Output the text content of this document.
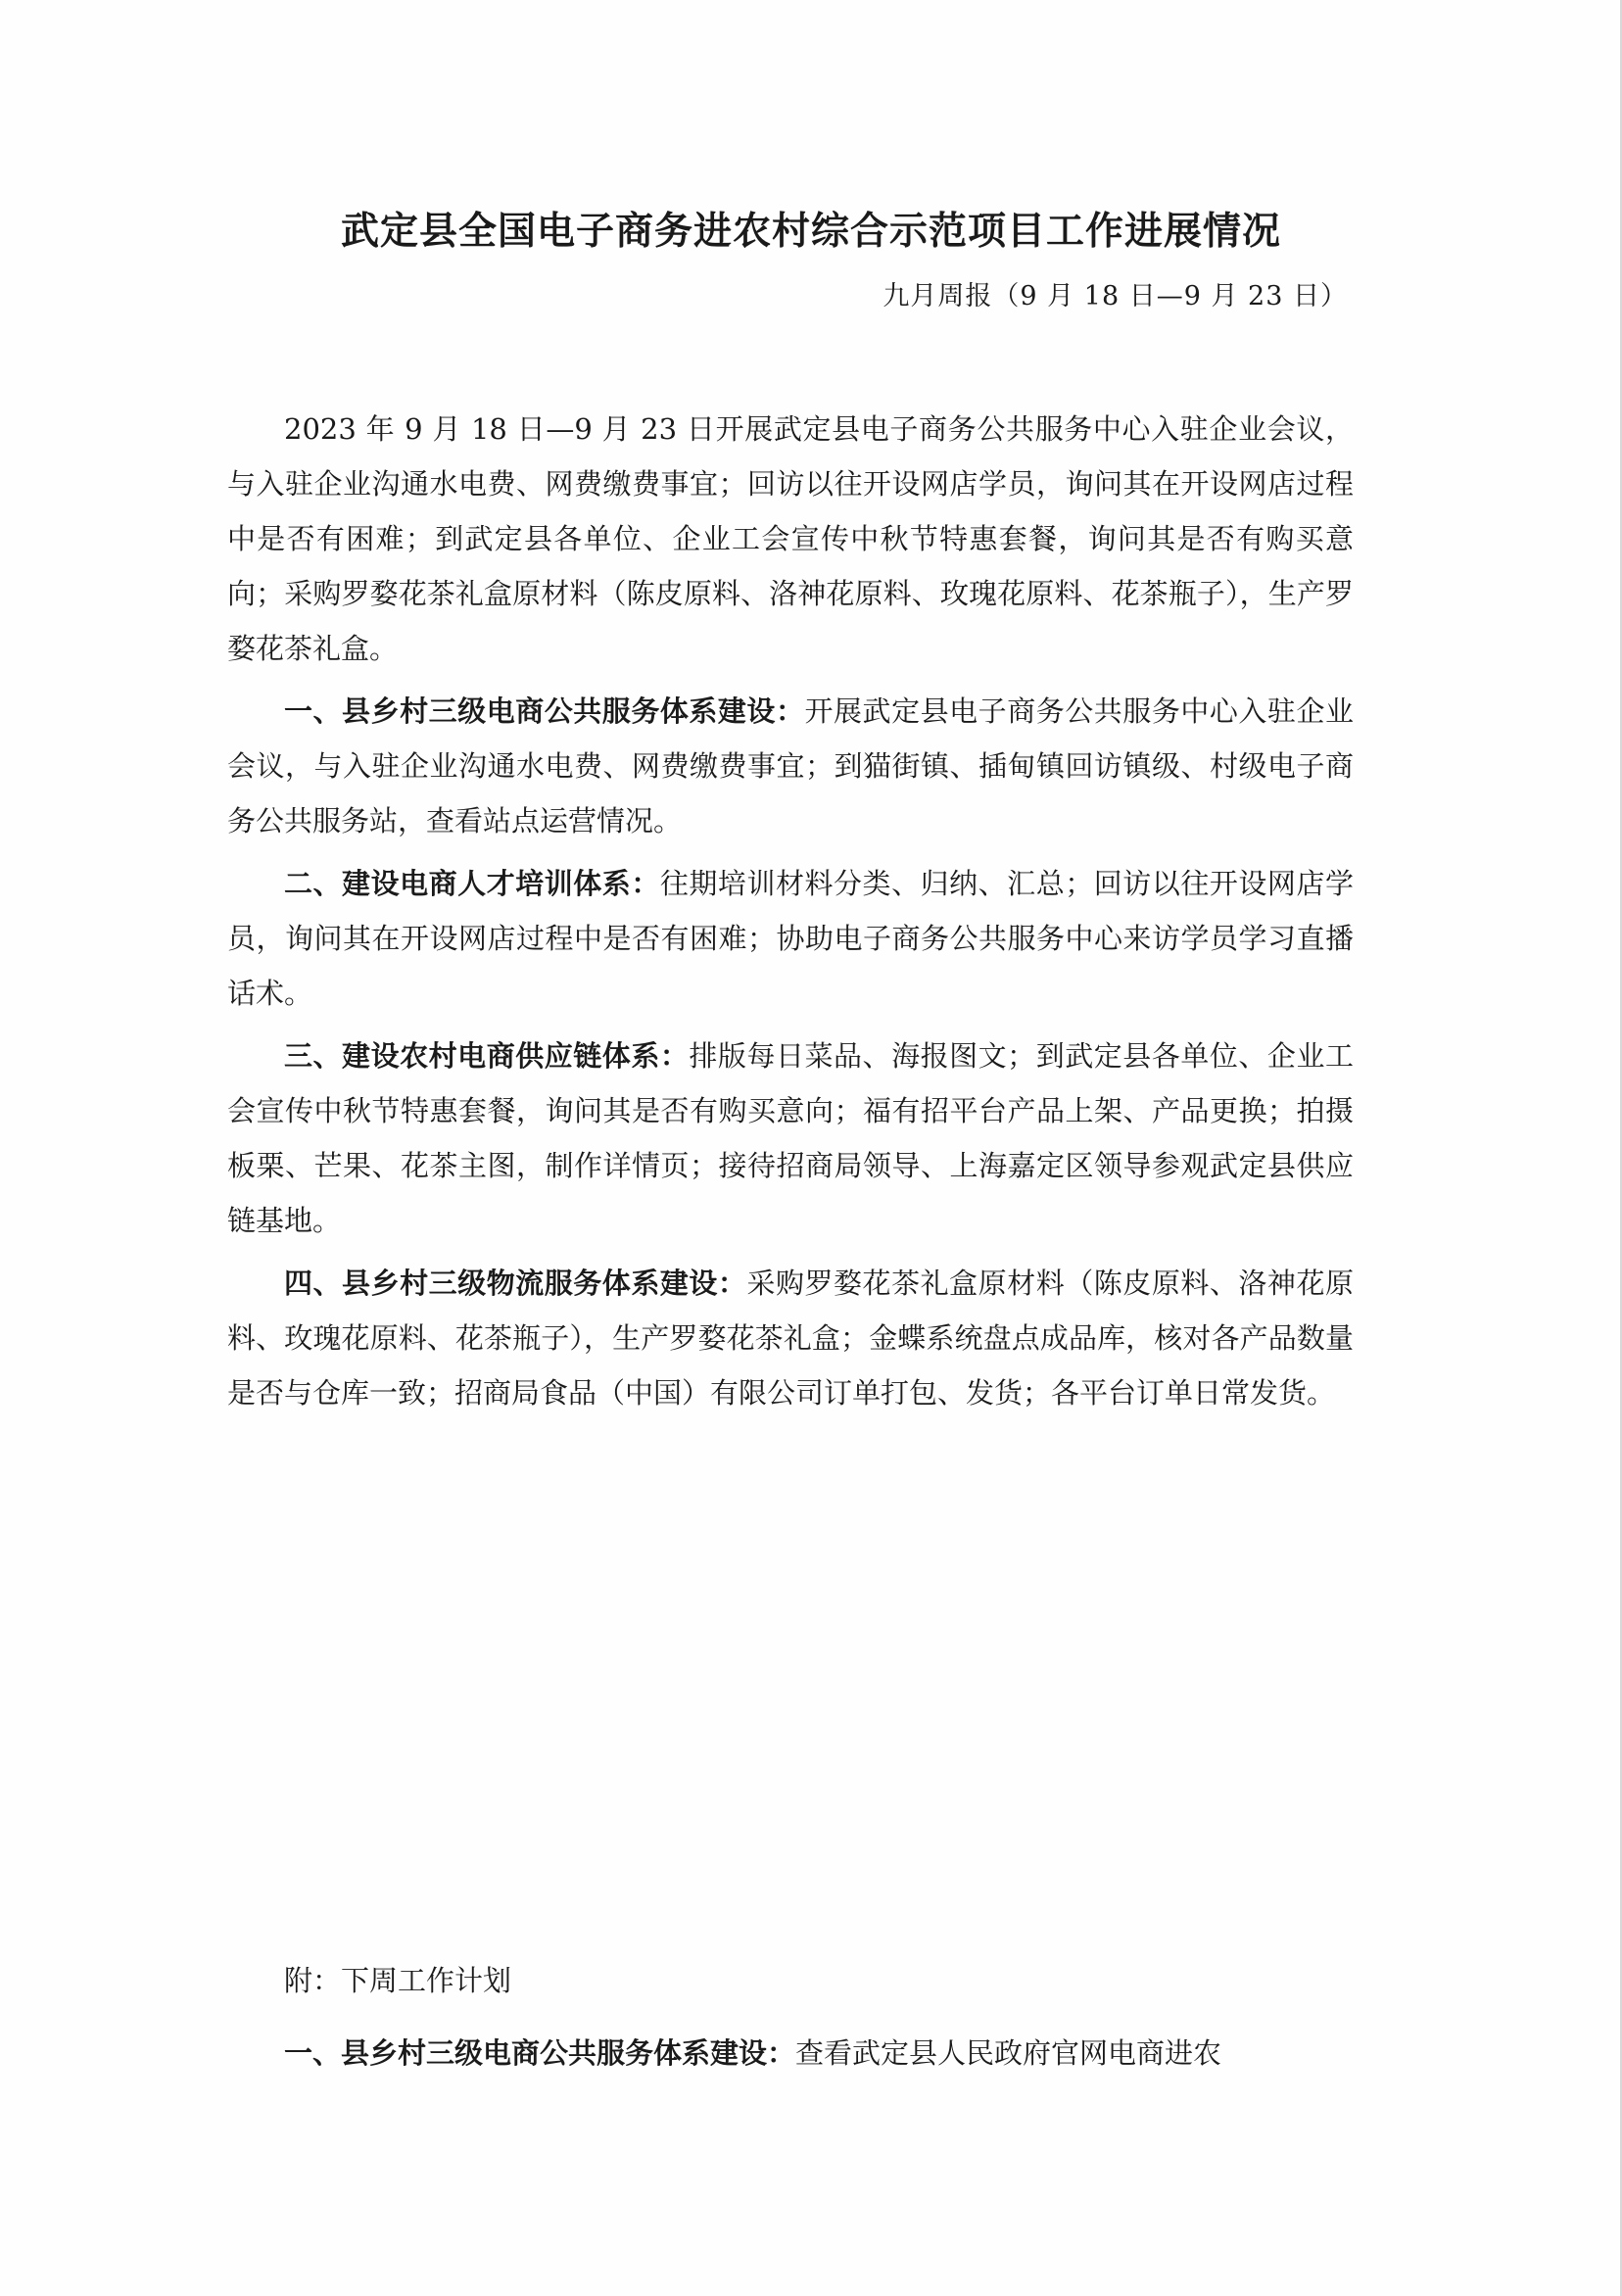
武定县全国电子商务进农村综合示范项目工作进展情况

九月周报（9 月 18 日—9 月 23 日）

2023 年 9 月 18 日—9 月 23 日开展武定县电子商务公共服务中心入驻企业会议，与入驻企业沟通水电费、网费缴费事宜；回访以往开设网店学员，询问其在开设网店过程中是否有困难；到武定县各单位、企业工会宣传中秋节特惠套餐，询问其是否有购买意向；采购罗婺花茶礼盒原材料（陈皮原料、洛神花原料、玫瑰花原料、花茶瓶子），生产罗婺花茶礼盒。

一、县乡村三级电商公共服务体系建设：开展武定县电子商务公共服务中心入驻企业会议，与入驻企业沟通水电费、网费缴费事宜；到猫街镇、插甸镇回访镇级、村级电子商务公共服务站，查看站点运营情况。

二、建设电商人才培训体系：往期培训材料分类、归纳、汇总；回访以往开设网店学员，询问其在开设网店过程中是否有困难；协助电子商务公共服务中心来访学员学习直播话术。

三、建设农村电商供应链体系：排版每日菜品、海报图文；到武定县各单位、企业工会宣传中秋节特惠套餐，询问其是否有购买意向；福有招平台产品上架、产品更换；拍摄板栗、芒果、花茶主图，制作详情页；接待招商局领导、上海嘉定区领导参观武定县供应链基地。

四、县乡村三级物流服务体系建设：采购罗婺花茶礼盒原材料（陈皮原料、洛神花原料、玫瑰花原料、花茶瓶子），生产罗婺花茶礼盒；金蝶系统盘点成品库，核对各产品数量是否与仓库一致；招商局食品（中国）有限公司订单打包、发货；各平台订单日常发货。

附：下周工作计划

一、县乡村三级电商公共服务体系建设：查看武定县人民政府官网电商进农
